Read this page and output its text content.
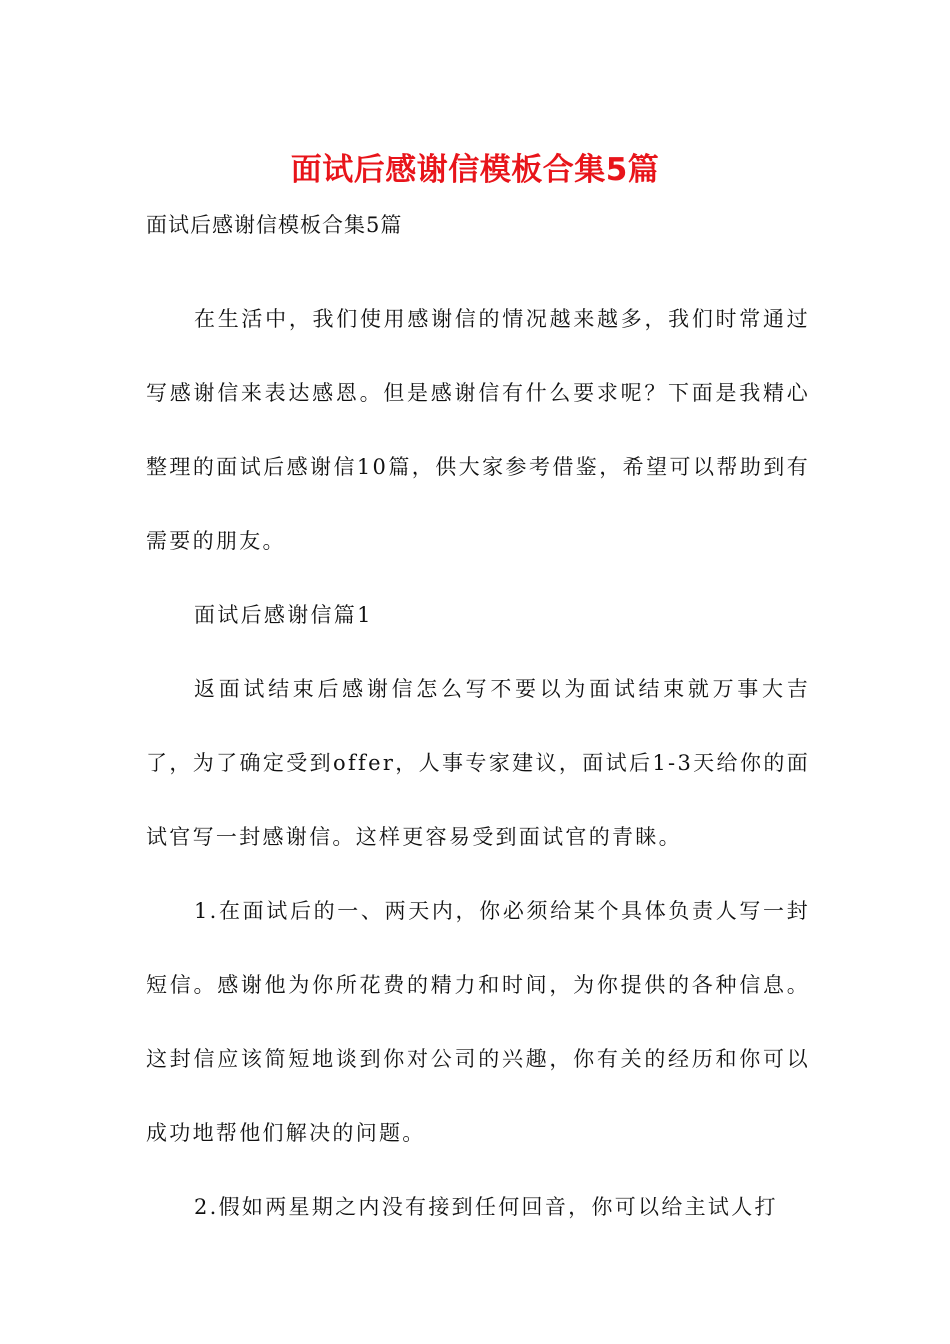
面试后感谢信模板合集5篇

面试后感谢信模板合集5篇

在生活中，我们使用感谢信的情况越来越多，我们时常通过写感谢信来表达感恩。但是感谢信有什么要求呢？下面是我精心整理的面试后感谢信10篇，供大家参考借鉴，希望可以帮助到有需要的朋友。

面试后感谢信篇1

返面试结束后感谢信怎么写不要以为面试结束就万事大吉了，为了确定受到offer，人事专家建议，面试后1-3天给你的面试官写一封感谢信。这样更容易受到面试官的青睐。

1.在面试后的一、两天内，你必须给某个具体负责人写一封短信。感谢他为你所花费的精力和时间，为你提供的各种信息。这封信应该简短地谈到你对公司的兴趣，你有关的经历和你可以成功地帮他们解决的问题。

2.假如两星期之内没有接到任何回音，你可以给主试人打
